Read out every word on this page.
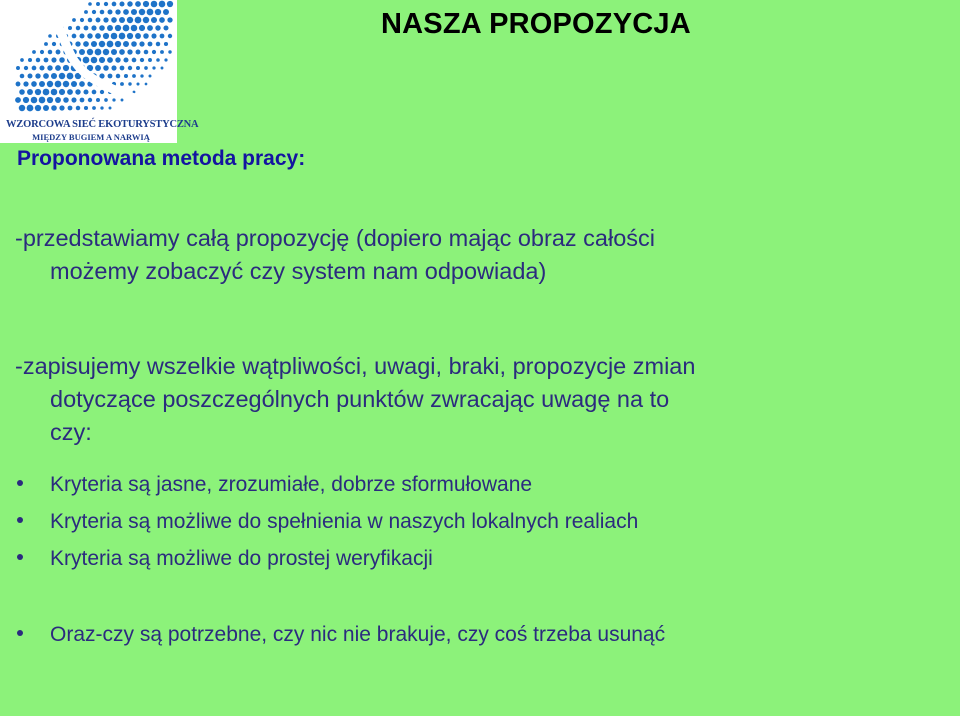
WZORCOWA SIEĆ EKOTURYSTYCZNA
MIĘDZY BUGIEM A NARWIĄ
NASZA PROPOZYCJA
Proponowana metoda pracy:
-przedstawiamy całą propozycję (dopiero mając obraz całości
możemy zobaczyć czy system nam odpowiada)
-zapisujemy wszelkie wątpliwości, uwagi, braki, propozycje zmian
dotyczące poszczególnych punktów zwracając uwagę na to
czy:
Kryteria są jasne, zrozumiałe, dobrze sformułowane
Kryteria są możliwe do spełnienia w naszych lokalnych realiach
Kryteria są możliwe do prostej weryfikacji
Oraz-czy są potrzebne, czy nic nie brakuje, czy coś trzeba usunąć
